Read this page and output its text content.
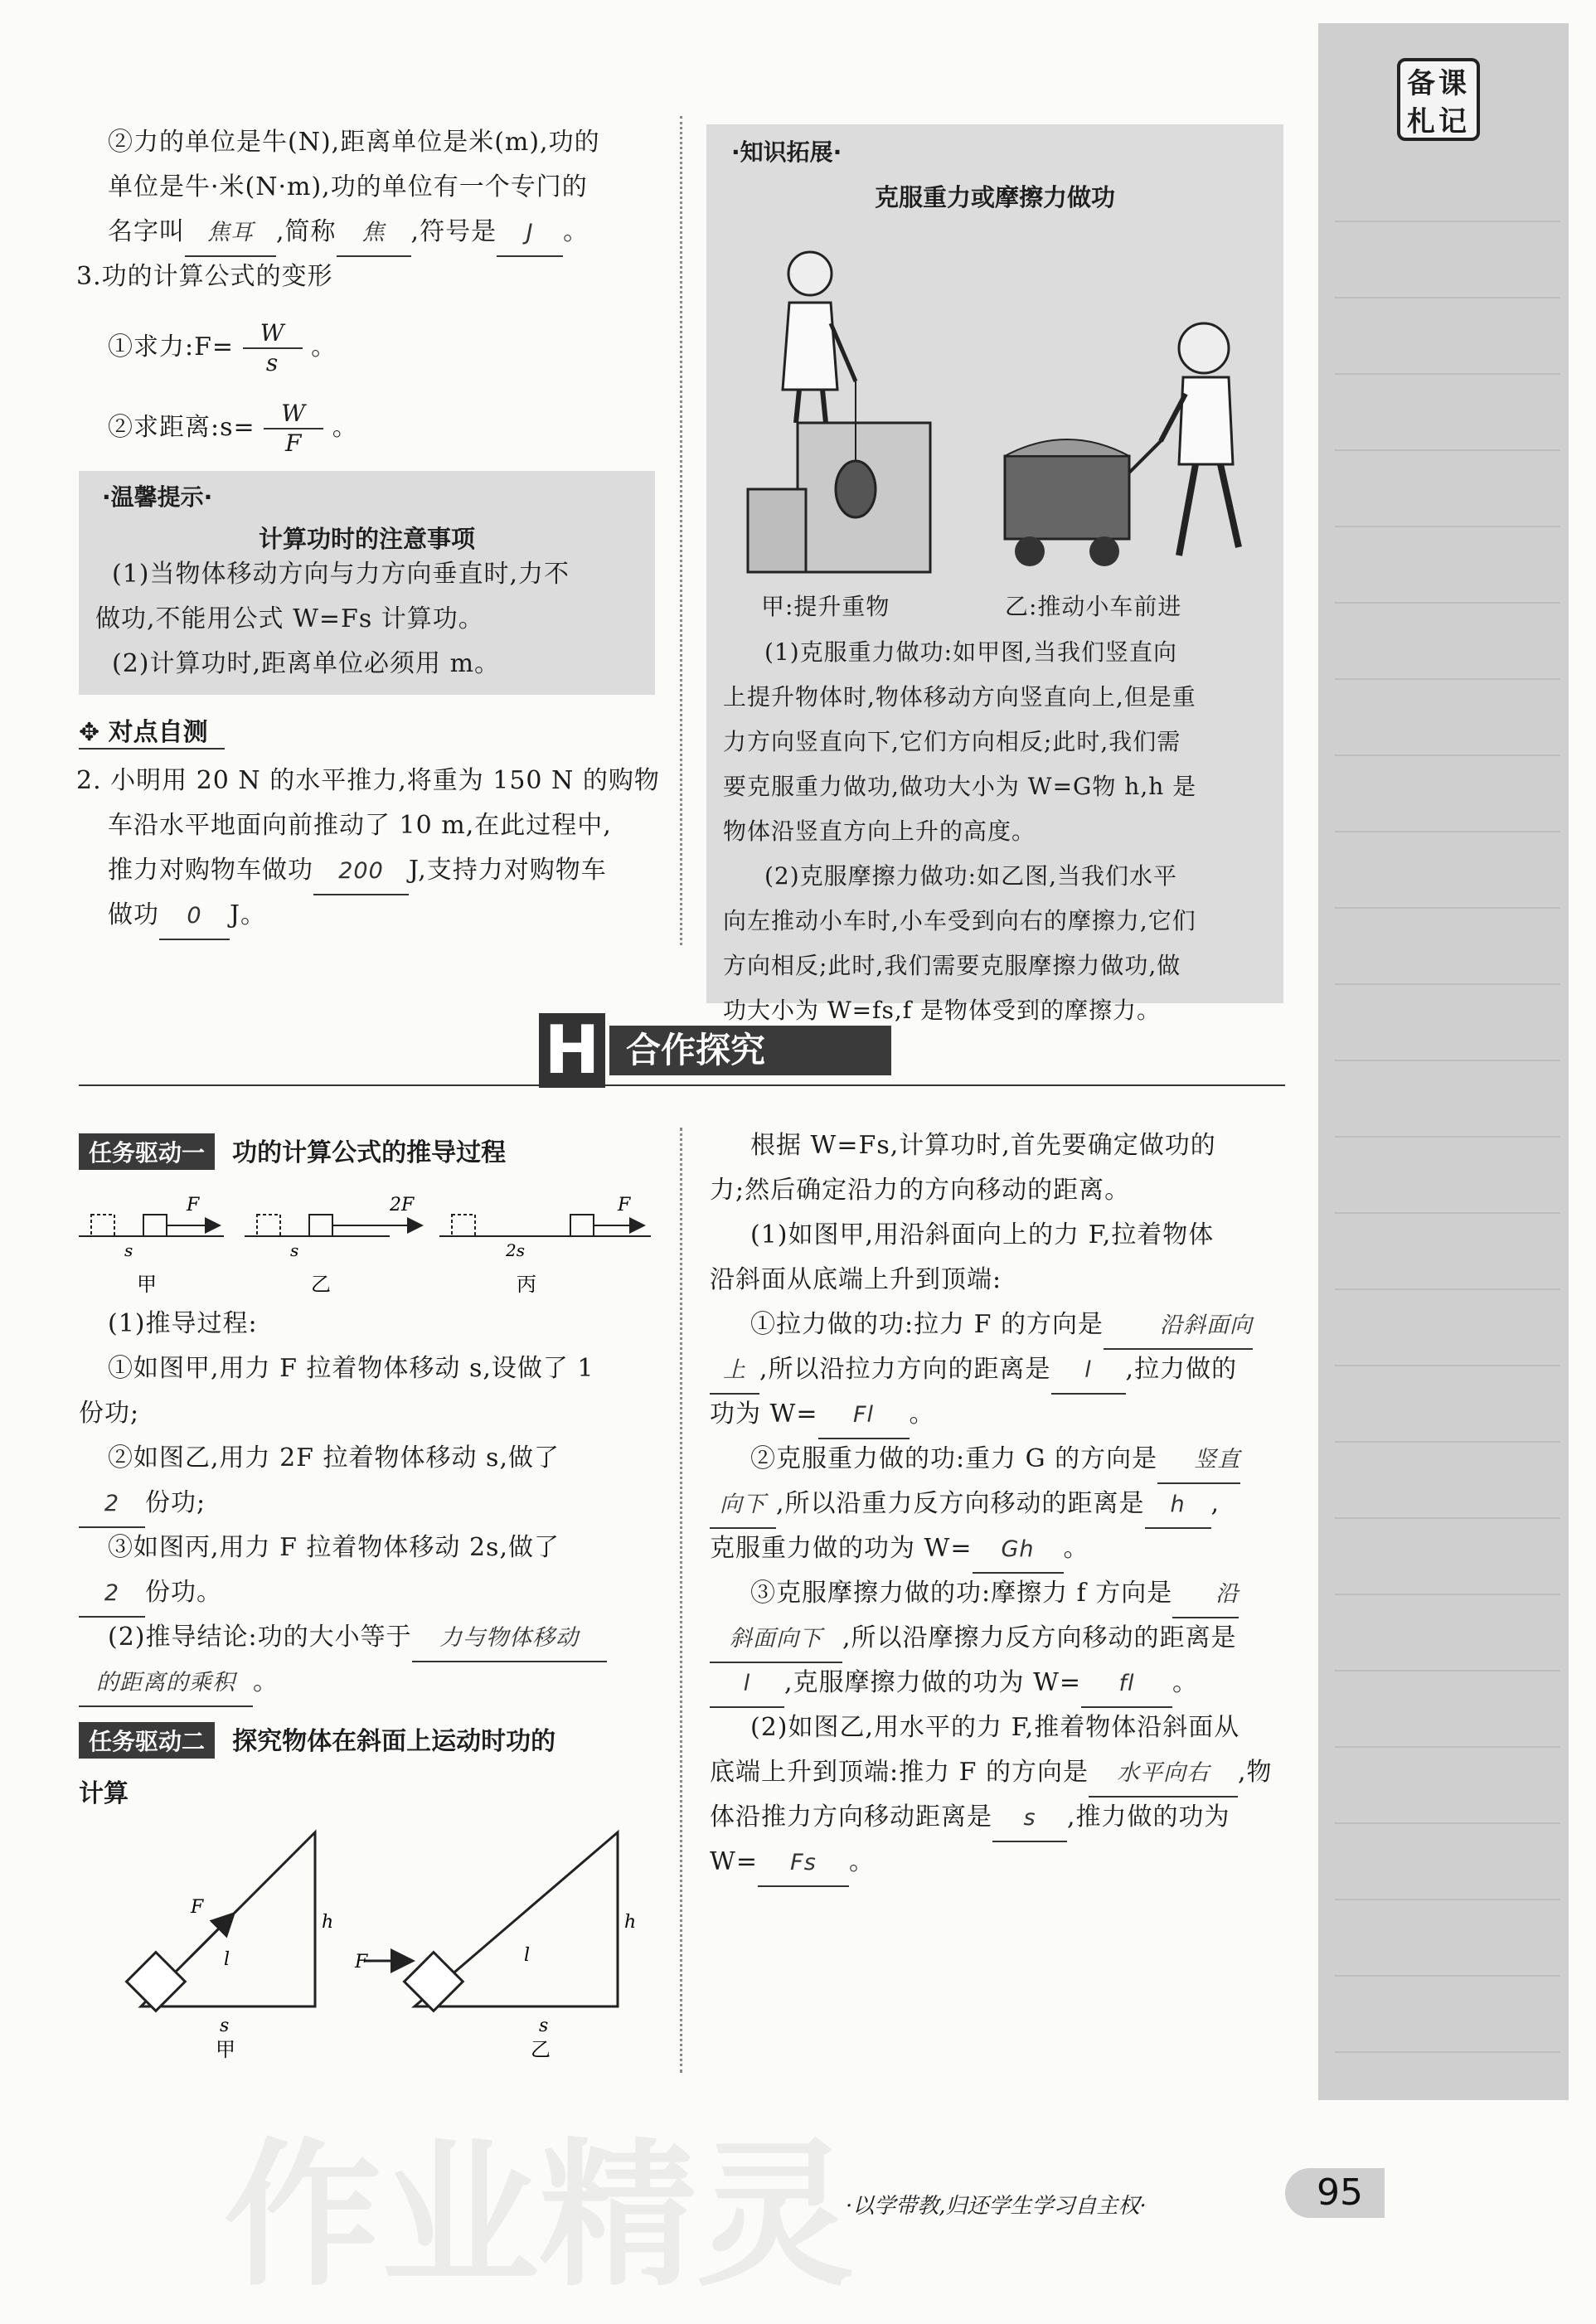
作业精灵
备课札记
②力的单位是牛(N),距离单位是米(m),功的
单位是牛·米(N·m),功的单位有一个专门的
名字叫 焦耳 ,简称 焦 ,符号是 J 。
3.功的计算公式的变形
①求力:F= $\frac{W}{s}$ 。
②求距离:s= $\frac{W}{F}$ 。
·温馨提示·
计算功时的注意事项
(1)当物体移动方向与力方向垂直时,力不
做功,不能用公式 W=Fs 计算功。
(2)计算功时,距离单位必须用 m。
✥ 对点自测
2. 小明用 20 N 的水平推力,将重为 150 N 的购物
车沿水平地面向前推动了 10 m,在此过程中,
推力对购物车做功 200 J,支持力对购物车
做功 0 J。
·知识拓展·
克服重力或摩擦力做功
甲:提升重物	乙:推动小车前进
(1)克服重力做功:如甲图,当我们竖直向
上提升物体时,物体移动方向竖直向上,但是重
力方向竖直向下,它们方向相反;此时,我们需
要克服重力做功,做功大小为 W=G物 h,h 是
物体沿竖直方向上升的高度。
(2)克服摩擦力做功:如乙图,当我们水平
向左推动小车时,小车受到向右的摩擦力,它们
方向相反;此时,我们需要克服摩擦力做功,做
功大小为 W=fs,f 是物体受到的摩擦力。
H 合作探究
任务驱动一 功的计算公式的推导过程
F
s
甲
2F
s
乙
F
2s
丙
(1)推导过程:
①如图甲,用力 F 拉着物体移动 s,设做了 1
份功;
②如图乙,用力 2F 拉着物体移动 s,做了
2 份功;
③如图丙,用力 F 拉着物体移动 2s,做了
2 份功。
(2)推导结论:功的大小等于 力与物体移动
的距离的乘积 。
任务驱动二 探究物体在斜面上运动时功的
计算
F
l
h
s
甲
F	l
h
s
乙
根据 W=Fs,计算功时,首先要确定做功的
力;然后确定沿力的方向移动的距离。
(1)如图甲,用沿斜面向上的力 F,拉着物体
沿斜面从底端上升到顶端:
①拉力做的功:拉力 F 的方向是	沿斜面向
上 ,所以沿拉力方向的距离是 l ,拉力做的
功为 W= Fl 。
②克服重力做的功:重力 G 的方向是 竖直
向下 ,所以沿重力反方向移动的距离是 h ,
克服重力做的功为 W= Gh 。
③克服摩擦力做的功:摩擦力 f 方向是 沿
斜面向下 ,所以沿摩擦力反方向移动的距离是
l ,克服摩擦力做的功为 W= fl 。
(2)如图乙,用水平的力 F,推着物体沿斜面从
底端上升到顶端:推力 F 的方向是 水平向右 ,物
体沿推力方向移动距离是 s ,推力做的功为
W= Fs 。
·以学带教,归还学生学习自主权·	95
